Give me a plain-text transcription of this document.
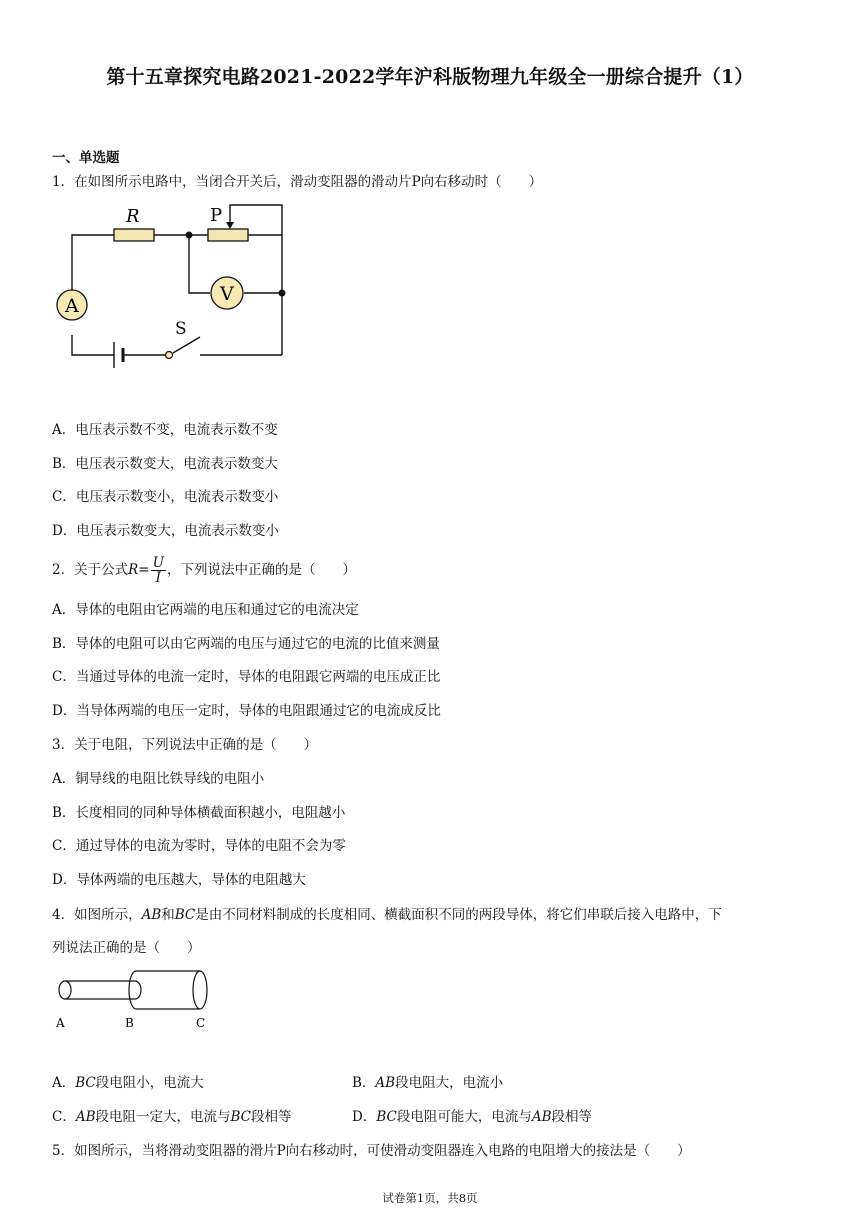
第十五章探究电路2021-2022学年沪科版物理九年级全一册综合提升（1）
一、单选题
1．在如图所示电路中，当闭合开关后，滑动变阻器的滑动片P向右移动时（　　）
R	P
A
V
S
A．电压表示数不变，电流表示数不变
B．电压表示数变大，电流表示数变大
C．电压表示数变小，电流表示数变小
D．电压表示数变大，电流表示数变小
2．关于公式$R= \frac{U}{I}$ ，下列说法中正确的是（　　）
A．导体的电阻由它两端的电压和通过它的电流决定
B．导体的电阻可以由它两端的电压与通过它的电流的比值来测量
C．当通过导体的电流一定时，导体的电阻跟它两端的电压成正比
D．当导体两端的电压一定时，导体的电阻跟通过它的电流成反比
3．关于电阻，下列说法中正确的是（　　）
A．铜导线的电阻比铁导线的电阻小
B．长度相同的同种导体横截面积越小，电阻越小
C．通过导体的电流为零时，导体的电阻不会为零
D．导体两端的电压越大，导体的电阻越大
4．如图所示，AB和BC是由不同材料制成的长度相同、横截面积不同的两段导体，将它们串联后接入电路中，下
列说法正确的是（　　）
A	B	C
A．BC段电阻小，电流大	B．AB段电阻大，电流小
C．AB段电阻一定大，电流与BC段相等	D．BC段电阻可能大，电流与AB段相等
5．如图所示，当将滑动变阻器的滑片P向右移动时，可使滑动变阻器连入电路的电阻增大的接法是（　　）
试卷第1页，共8页
